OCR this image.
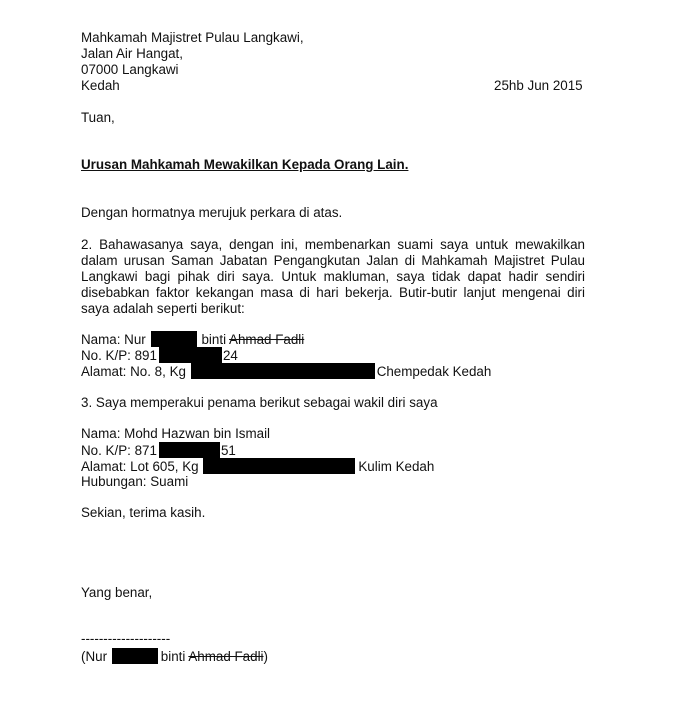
Mahkamah Majistret Pulau Langkawi,
Jalan Air Hangat,
07000 Langkawi
Kedah	25hb Jun 2015
Tuan,
Urusan Mahkamah Mewakilkan Kepada Orang Lain.
Dengan hormatnya merujuk perkara di atas.
2. Bahawasanya saya, dengan ini, membenarkan suami saya untuk mewakilkan dalam urusan Saman Jabatan Pengangkutan Jalan di Mahkamah Majistret Pulau Langkawi bagi pihak diri saya. Untuk makluman, saya tidak dapat hadir sendiri disebabkan faktor kekangan masa di hari bekerja. Butir-butir lanjut mengenai diri saya adalah seperti berikut:
Nama: Nur	binti Ahmad Fadli
No. K/P: 891	24
Alamat: No. 8, Kg	Chempedak Kedah
3. Saya memperakui penama berikut sebagai wakil diri saya
Nama: Mohd Hazwan bin Ismail
No. K/P: 871	51
Alamat: Lot 605, Kg	Kulim Kedah
Hubungan: Suami
Sekian, terima kasih.
Yang benar,
--------------------
(Nur	binti Ahmad Fadli)
